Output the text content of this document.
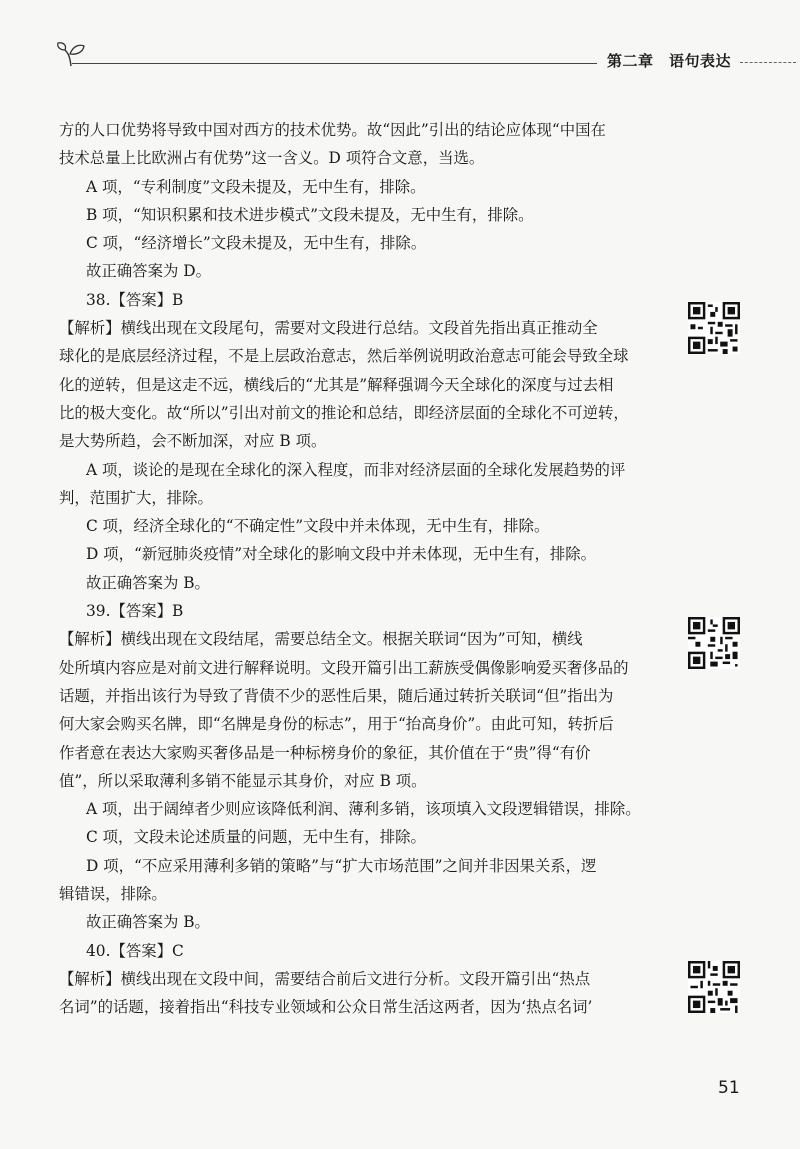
第二章　语句表达

方的人口优势将导致中国对西方的技术优势。故“因此”引出的结论应体现“中国在

技术总量上比欧洲占有优势”这一含义。D 项符合文意，当选。

A 项，“专利制度”文段未提及，无中生有，排除。

B 项，“知识积累和技术进步模式”文段未提及，无中生有，排除。

C 项，“经济增长”文段未提及，无中生有，排除。

故正确答案为 D。

38.【答案】B

【解析】横线出现在文段尾句，需要对文段进行总结。文段首先指出真正推动全

球化的是底层经济过程，不是上层政治意志，然后举例说明政治意志可能会导致全球

化的逆转，但是这走不远，横线后的“尤其是”解释强调今天全球化的深度与过去相

比的极大变化。故“所以”引出对前文的推论和总结，即经济层面的全球化不可逆转，

是大势所趋，会不断加深，对应 B 项。

A 项，谈论的是现在全球化的深入程度，而非对经济层面的全球化发展趋势的评

判，范围扩大，排除。

C 项，经济全球化的“不确定性”文段中并未体现，无中生有，排除。

D 项，“新冠肺炎疫情”对全球化的影响文段中并未体现，无中生有，排除。

故正确答案为 B。

39.【答案】B

【解析】横线出现在文段结尾，需要总结全文。根据关联词“因为”可知，横线

处所填内容应是对前文进行解释说明。文段开篇引出工薪族受偶像影响爱买奢侈品的

话题，并指出该行为导致了背债不少的恶性后果，随后通过转折关联词“但”指出为

何大家会购买名牌，即“名牌是身份的标志”，用于“抬高身价”。由此可知，转折后

作者意在表达大家购买奢侈品是一种标榜身价的象征，其价值在于“贵”得“有价

值”，所以采取薄利多销不能显示其身价，对应 B 项。

A 项，出于阔绰者少则应该降低利润、薄利多销，该项填入文段逻辑错误，排除。

C 项，文段未论述质量的问题，无中生有，排除。

D 项，“不应采用薄利多销的策略”与“扩大市场范围”之间并非因果关系，逻

辑错误，排除。

故正确答案为 B。

40.【答案】C

【解析】横线出现在文段中间，需要结合前后文进行分析。文段开篇引出“热点

名词”的话题，接着指出“科技专业领域和公众日常生活这两者，因为‘热点名词’

51
